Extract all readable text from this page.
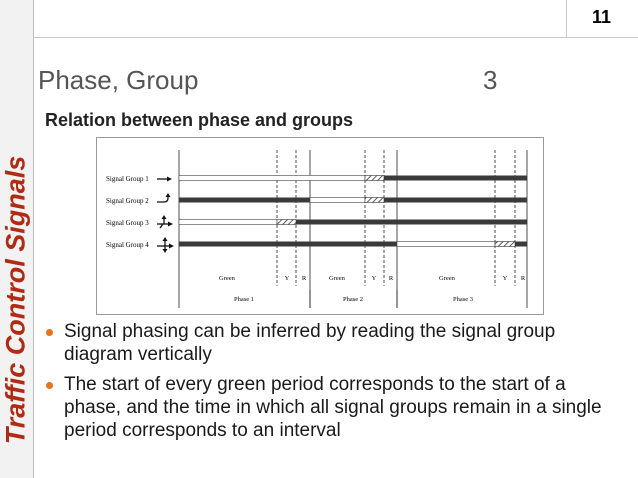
Traffic Control Signals
11
Phase, Group	3
Relation between phase and groups
Signal Group 1
Signal Group 2
Signal Group 3
Signal Group 4
Green	Y R	Green	Y R	Green	Y R
Phase 1	Phase 2	Phase 3
Signal phasing can be inferred by reading the signal group diagram vertically
The start of every green period corresponds to the start of a phase, and the time in which all signal groups remain in a single period corresponds to an interval
